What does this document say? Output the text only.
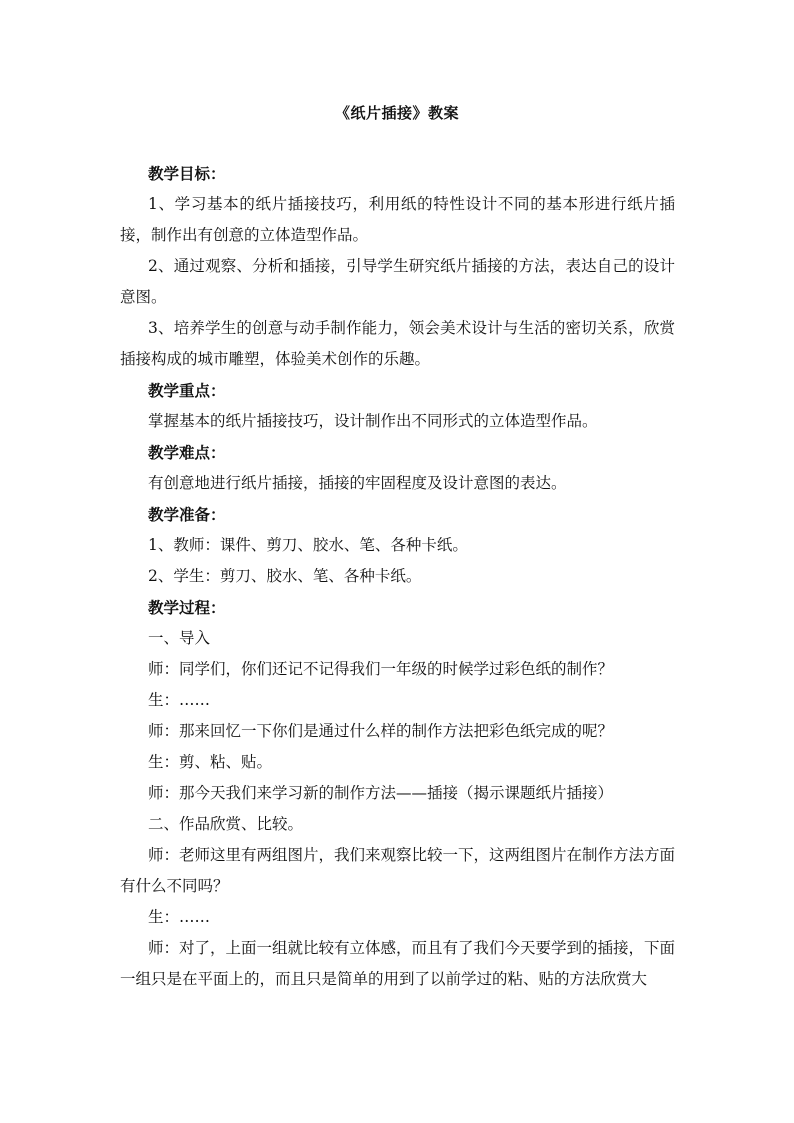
《纸片插接》教案

教学目标：

1、学习基本的纸片插接技巧，利用纸的特性设计不同的基本形进行纸片插接，制作出有创意的立体造型作品。

2、通过观察、分析和插接，引导学生研究纸片插接的方法，表达自己的设计意图。

3、培养学生的创意与动手制作能力，领会美术设计与生活的密切关系，欣赏插接构成的城市雕塑，体验美术创作的乐趣。

教学重点：

掌握基本的纸片插接技巧，设计制作出不同形式的立体造型作品。

教学难点：

有创意地进行纸片插接，插接的牢固程度及设计意图的表达。

教学准备：

1、教师：课件、剪刀、胶水、笔、各种卡纸。

2、学生：剪刀、胶水、笔、各种卡纸。

教学过程：

一、导入

师：同学们，你们还记不记得我们一年级的时候学过彩色纸的制作？

生：……

师：那来回忆一下你们是通过什么样的制作方法把彩色纸完成的呢？

生：剪、粘、贴。

师：那今天我们来学习新的制作方法——插接（揭示课题纸片插接）

二、作品欣赏、比较。

师：老师这里有两组图片，我们来观察比较一下，这两组图片在制作方法方面有什么不同吗？

生：……

师：对了，上面一组就比较有立体感，而且有了我们今天要学到的插接，下面一组只是在平面上的，而且只是简单的用到了以前学过的粘、贴的方法欣赏大
